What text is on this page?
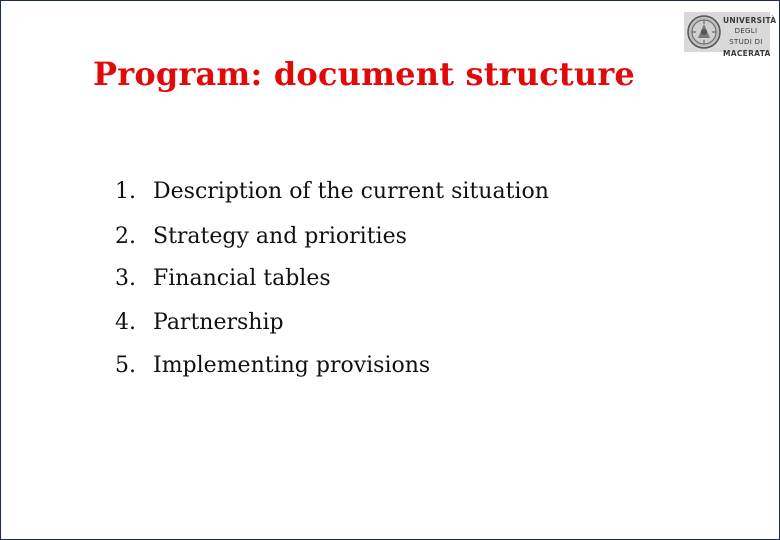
UNIVERSITÀ
DEGLI STUDI DI
MACERATA
Program: document structure
1. Description of the current situation
2. Strategy and priorities
3. Financial tables
4. Partnership
5. Implementing provisions
